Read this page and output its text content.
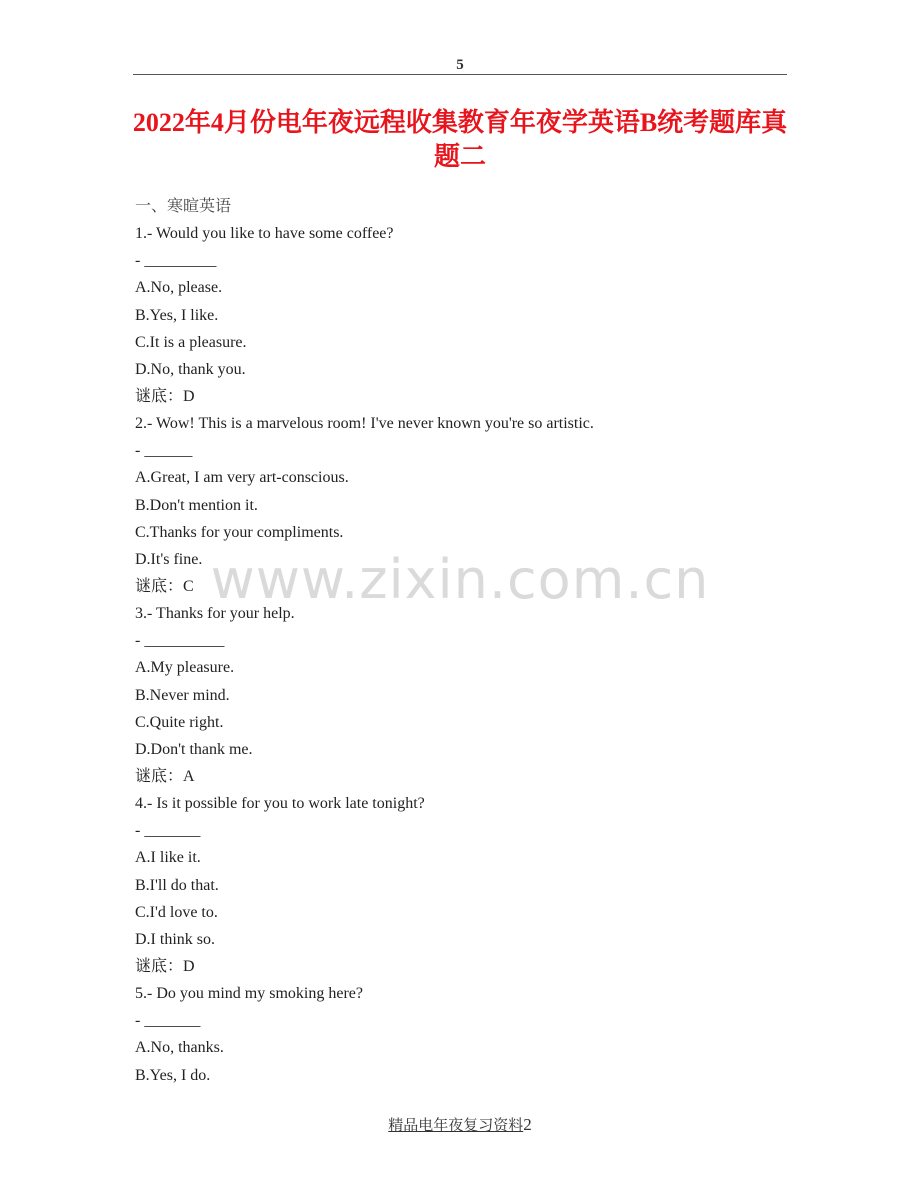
5
2022年4月份电年夜远程收集教育年夜学英语B统考题库真题二
一、寒暄英语
1.- Would you like to have some coffee?
- _________
A.No, please.
B.Yes, I like.
C.It is a pleasure.
D.No, thank you.
谜底：D
2.- Wow! This is a marvelous room! I've never known you're so artistic.
- ______
A.Great, I am very art-conscious.
B.Don't mention it.
C.Thanks for your compliments.
D.It's fine.
谜底：C
3.- Thanks for your help.
- __________
A.My pleasure.
B.Never mind.
C.Quite right.
D.Don't thank me.
谜底：A
4.- Is it possible for you to work late tonight?
- _______
A.I like it.
B.I'll do that.
C.I'd love to.
D.I think so.
谜底：D
5.- Do you mind my smoking here?
- _______
A.No, thanks.
B.Yes, I do.
www.zixin.com.cn
精品电年夜复习资料2
